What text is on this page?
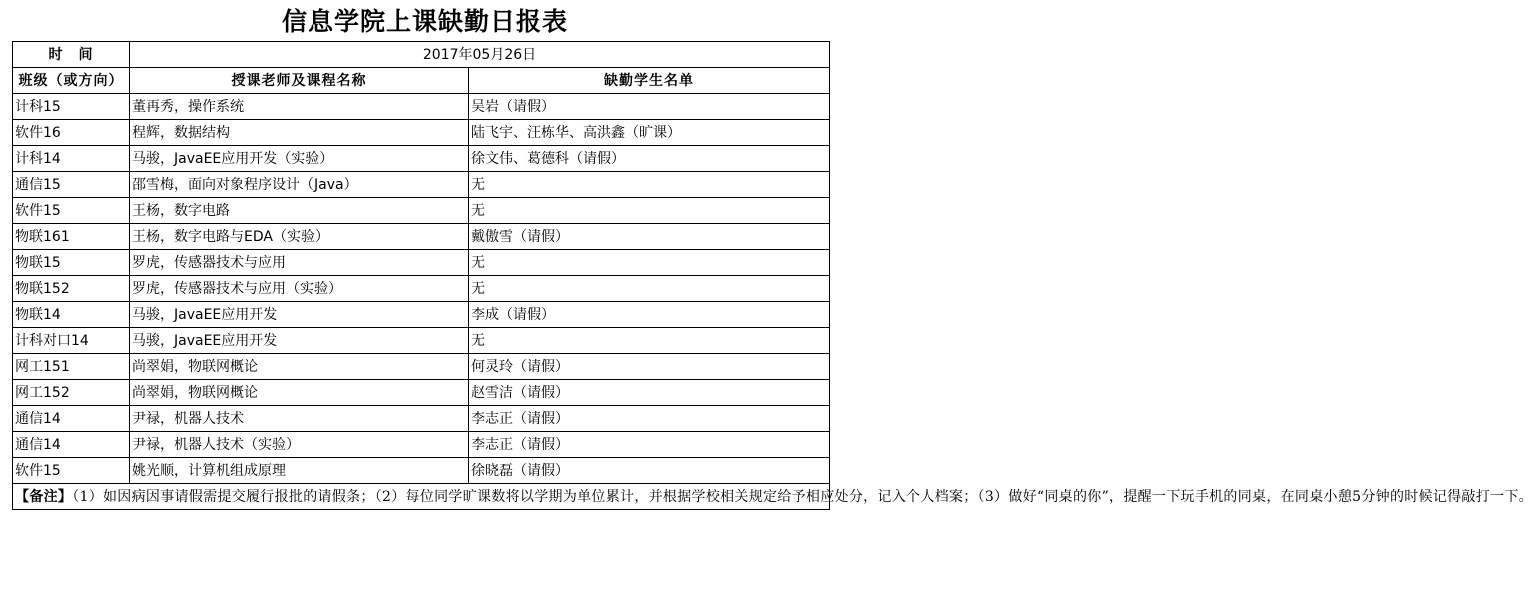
信息学院上课缺勤日报表
时　间	2017年05月26日	
班级（或方向）	授课老师及课程名称	缺勤学生名单
计科15	董再秀，操作系统	吴岩（请假）
软件16	程辉，数据结构	陆飞宇、汪栋华、高洪鑫（旷课）
计科14	马骏，JavaEE应用开发（实验）	徐文伟、葛德科（请假）
通信15	邵雪梅，面向对象程序设计（Java）	无
软件15	王杨，数字电路	无
物联161	王杨，数字电路与EDA（实验）	戴傲雪（请假）
物联15	罗虎，传感器技术与应用	无
物联152	罗虎，传感器技术与应用（实验）	无
物联14	马骏，JavaEE应用开发	李成（请假）
计科对口14	马骏，JavaEE应用开发	无
网工151	尚翠娟，物联网概论	何灵玲（请假）
网工152	尚翠娟，物联网概论	赵雪洁（请假）
通信14	尹禄，机器人技术	李志正（请假）
通信14	尹禄，机器人技术（实验）	李志正（请假）
软件15	姚光顺，计算机组成原理	徐晓磊（请假）
【备注】（1）如因病因事请假需提交履行报批的请假条；（2）每位同学旷课数将以学期为单位累计，并根据学校相关规定给予相应处分，记入个人档案；（3）做好“同桌的你”，提醒一下玩手机的同桌，在同桌小憩5分钟的时候记得敲打一下。		
